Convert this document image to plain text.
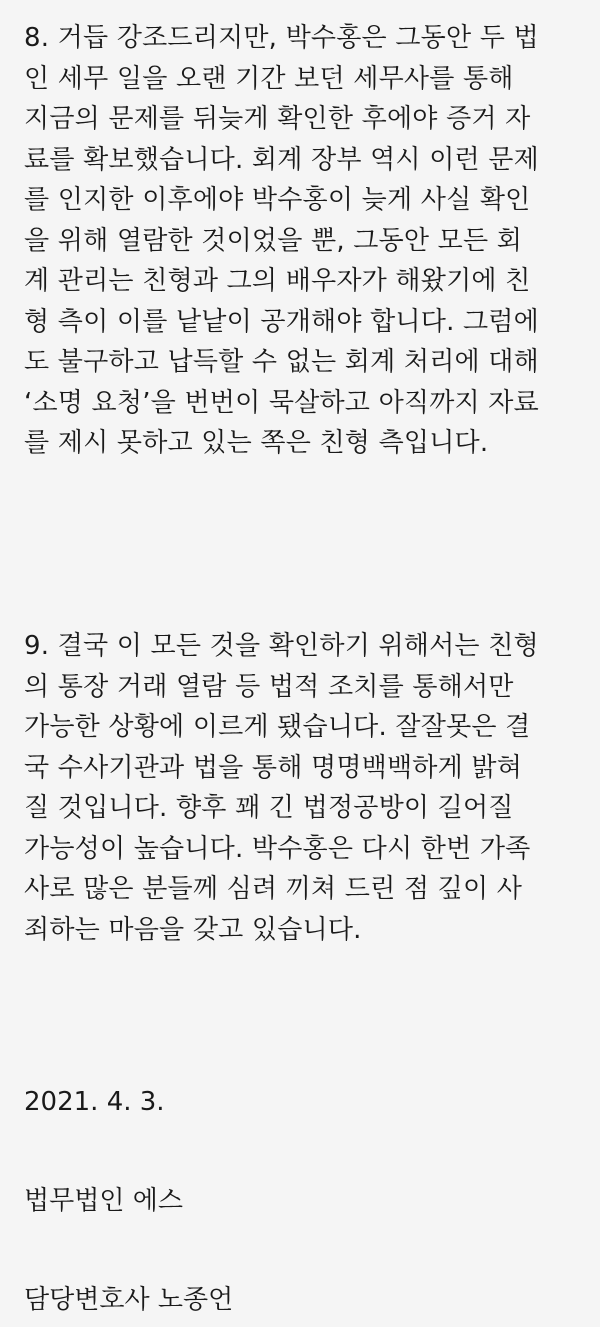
8. 거듭 강조드리지만, 박수홍은 그동안 두 법
인 세무 일을 오랜 기간 보던 세무사를 통해
지금의 문제를 뒤늦게 확인한 후에야 증거 자
료를 확보했습니다. 회계 장부 역시 이런 문제
를 인지한 이후에야 박수홍이 늦게 사실 확인
을 위해 열람한 것이었을 뿐, 그동안 모든 회
계 관리는 친형과 그의 배우자가 해왔기에 친
형 측이 이를 낱낱이 공개해야 합니다. 그럼에
도 불구하고 납득할 수 없는 회계 처리에 대해
‘소명 요청’을 번번이 묵살하고 아직까지 자료
를 제시 못하고 있는 쪽은 친형 측입니다.
9. 결국 이 모든 것을 확인하기 위해서는 친형
의 통장 거래 열람 등 법적 조치를 통해서만
가능한 상황에 이르게 됐습니다. 잘잘못은 결
국 수사기관과 법을 통해 명명백백하게 밝혀
질 것입니다. 향후 꽤 긴 법정공방이 길어질
가능성이 높습니다. 박수홍은 다시 한번 가족
사로 많은 분들께 심려 끼쳐 드린 점 깊이 사
죄하는 마음을 갖고 있습니다.
2021. 4. 3.
법무법인 에스
담당변호사 노종언
